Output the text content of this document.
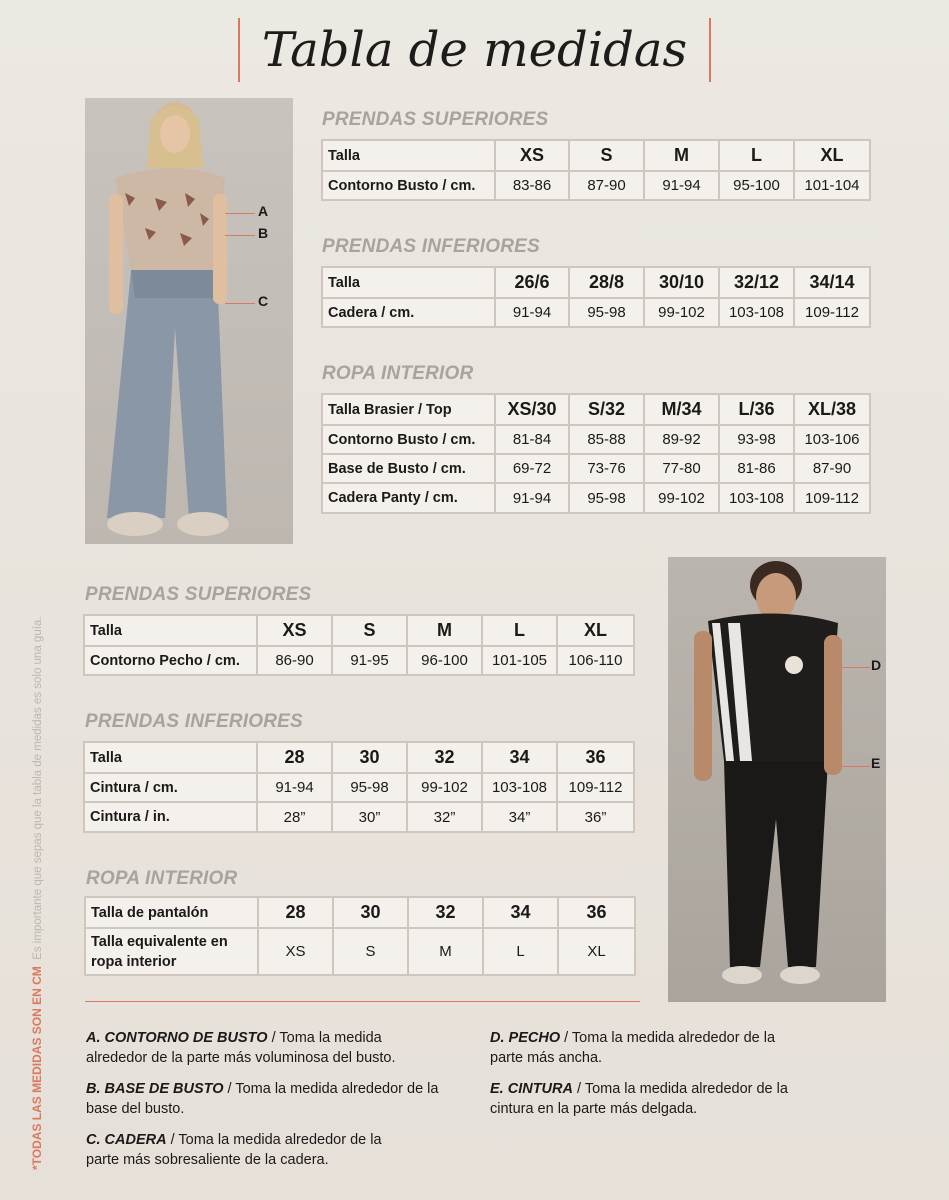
Tabla de medidas
A
B
C
PRENDAS SUPERIORES
Talla	XS	S	M	L	XL
Contorno Busto / cm.	83-86	87-90	91-94	95-100	101-104
PRENDAS INFERIORES
Talla	26/6	28/8	30/10	32/12	34/14
Cadera / cm.	91-94	95-98	99-102	103-108	109-112
ROPA INTERIOR
Talla Brasier / Top	XS/30	S/32	M/34	L/36	XL/38
Contorno Busto / cm.	81-84	85-88	89-92	93-98	103-106
Base de Busto / cm.	69-72	73-76	77-80	81-86	87-90
Cadera Panty / cm.	91-94	95-98	99-102	103-108	109-112
PRENDAS SUPERIORES
Talla	XS	S	M	L	XL
Contorno Pecho / cm.	86-90	91-95	96-100	101-105	106-110
PRENDAS INFERIORES
Talla	28	30	32	34	36
Cintura / cm.	91-94	95-98	99-102	103-108	109-112
Cintura / in.	28”	30”	32”	34”	36”
ROPA INTERIOR
Talla de pantalón	28	30	32	34	36
Talla equivalente en ropa interior	XS	S	M	L	XL
D
E
A. CONTORNO DE BUSTO / Toma la medida alrededor de la parte más voluminosa del busto.
B. BASE DE BUSTO / Toma la medida alrededor de la base del busto.
C. CADERA / Toma la medida alrededor de la parte más sobresaliente de la cadera.
D. PECHO / Toma la medida alrededor de la parte más ancha.
E. CINTURA / Toma la medida alrededor de la cintura en la parte más delgada.
*TODAS LAS MEDIDAS SON EN CM  Es importante que sepas que la tabla de medidas es solo una guía.
